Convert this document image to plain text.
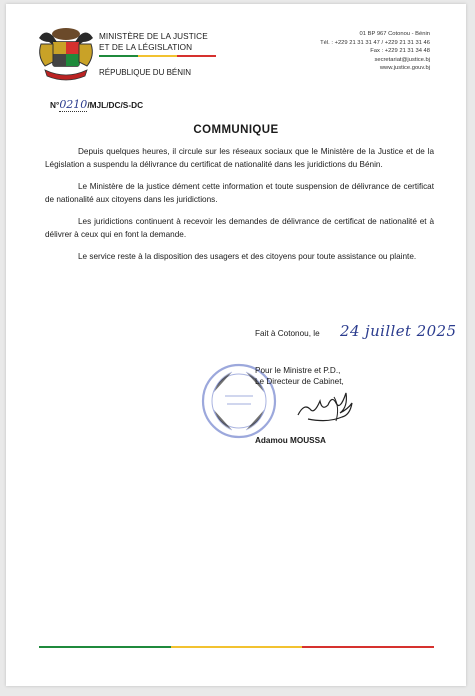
MINISTÈRE DE LA JUSTICE
ET DE LA LÉGISLATION
RÉPUBLIQUE DU BÉNIN
01 BP 967 Cotonou - Bénin
Tél. : +229 21 31 31 47 / +229 21 31 31 46
Fax : +229 21 31 34 48
secretariat@justice.bj
www.justice.gouv.bj
N°0210/MJL/DC/S-DC
COMMUNIQUE

Depuis quelques heures, il circule sur les réseaux sociaux que le Ministère de la Justice et de la Législation a suspendu la délivrance du certificat de nationalité dans les juridictions du Bénin.

Le Ministère de la justice dément cette information et toute suspension de délivrance de certificat de nationalité aux citoyens dans les juridictions.

Les juridictions continuent à recevoir les demandes de délivrance de certificat de nationalité et à délivrer à ceux qui en font la demande.

Le service reste à la disposition des usagers et des citoyens pour toute assistance ou plainte.

Fait à Cotonou, le 24 juillet 2025
Pour le Ministre et P.D.,
Le Directeur de Cabinet,
Adamou MOUSSA
